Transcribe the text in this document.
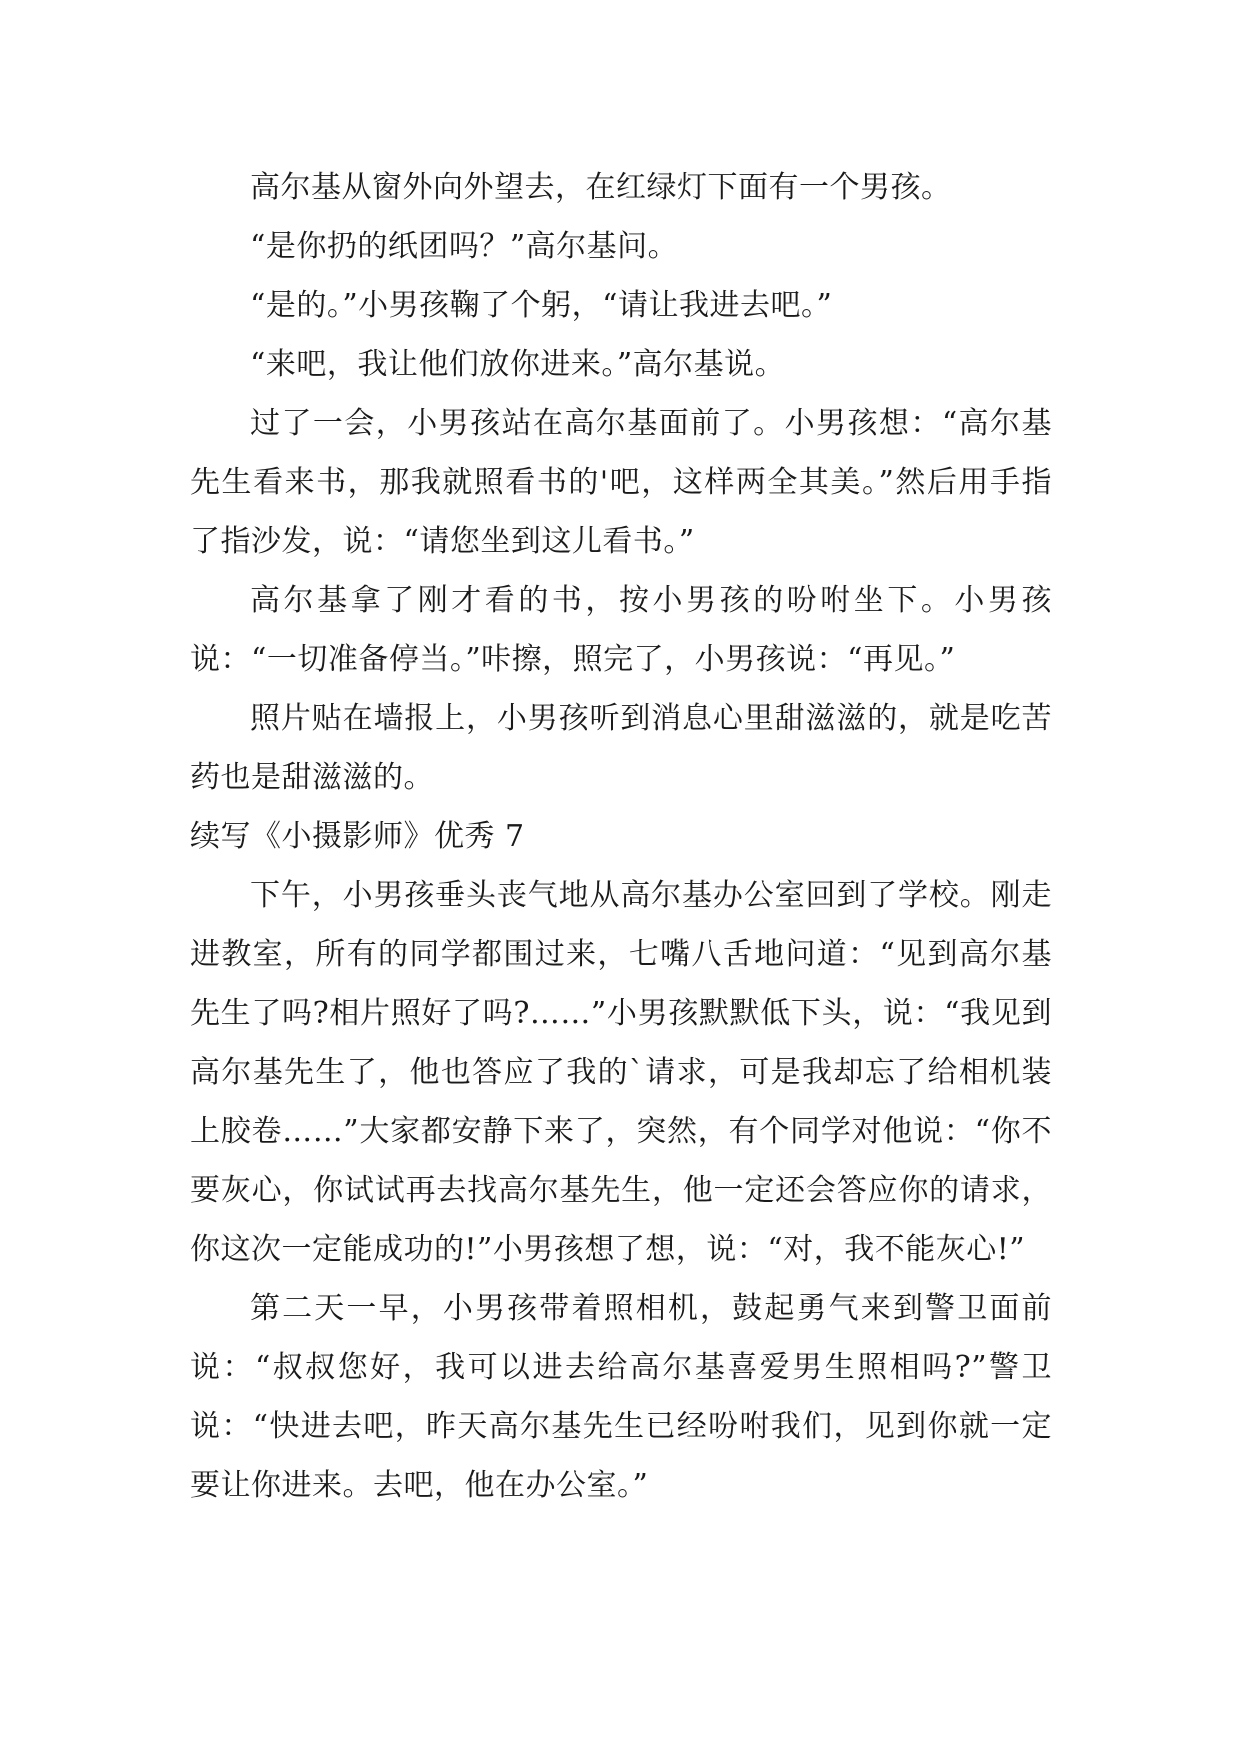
高尔基从窗外向外望去，在红绿灯下面有一个男孩。

“是你扔的纸团吗？”高尔基问。

“是的。”小男孩鞠了个躬，“请让我进去吧。”

“来吧，我让他们放你进来。”高尔基说。

过了一会，小男孩站在高尔基面前了。小男孩想：“高尔基先生看来书，那我就照看书的'吧，这样两全其美。”然后用手指了指沙发，说：“请您坐到这儿看书。”

高尔基拿了刚才看的书，按小男孩的吩咐坐下。小男孩说：“一切准备停当。”咔擦，照完了，小男孩说：“再见。”

照片贴在墙报上，小男孩听到消息心里甜滋滋的，就是吃苦药也是甜滋滋的。

续写《小摄影师》优秀 7

下午，小男孩垂头丧气地从高尔基办公室回到了学校。刚走进教室，所有的同学都围过来，七嘴八舌地问道：“见到高尔基先生了吗?相片照好了吗?……”小男孩默默低下头，说：“我见到高尔基先生了，他也答应了我的`请求，可是我却忘了给相机装上胶卷……”大家都安静下来了，突然，有个同学对他说：“你不要灰心，你试试再去找高尔基先生，他一定还会答应你的请求，你这次一定能成功的!”小男孩想了想，说：“对，我不能灰心!”

第二天一早，小男孩带着照相机，鼓起勇气来到警卫面前说：“叔叔您好，我可以进去给高尔基喜爱男生照相吗?”警卫说：“快进去吧，昨天高尔基先生已经吩咐我们，见到你就一定要让你进来。去吧，他在办公室。”
